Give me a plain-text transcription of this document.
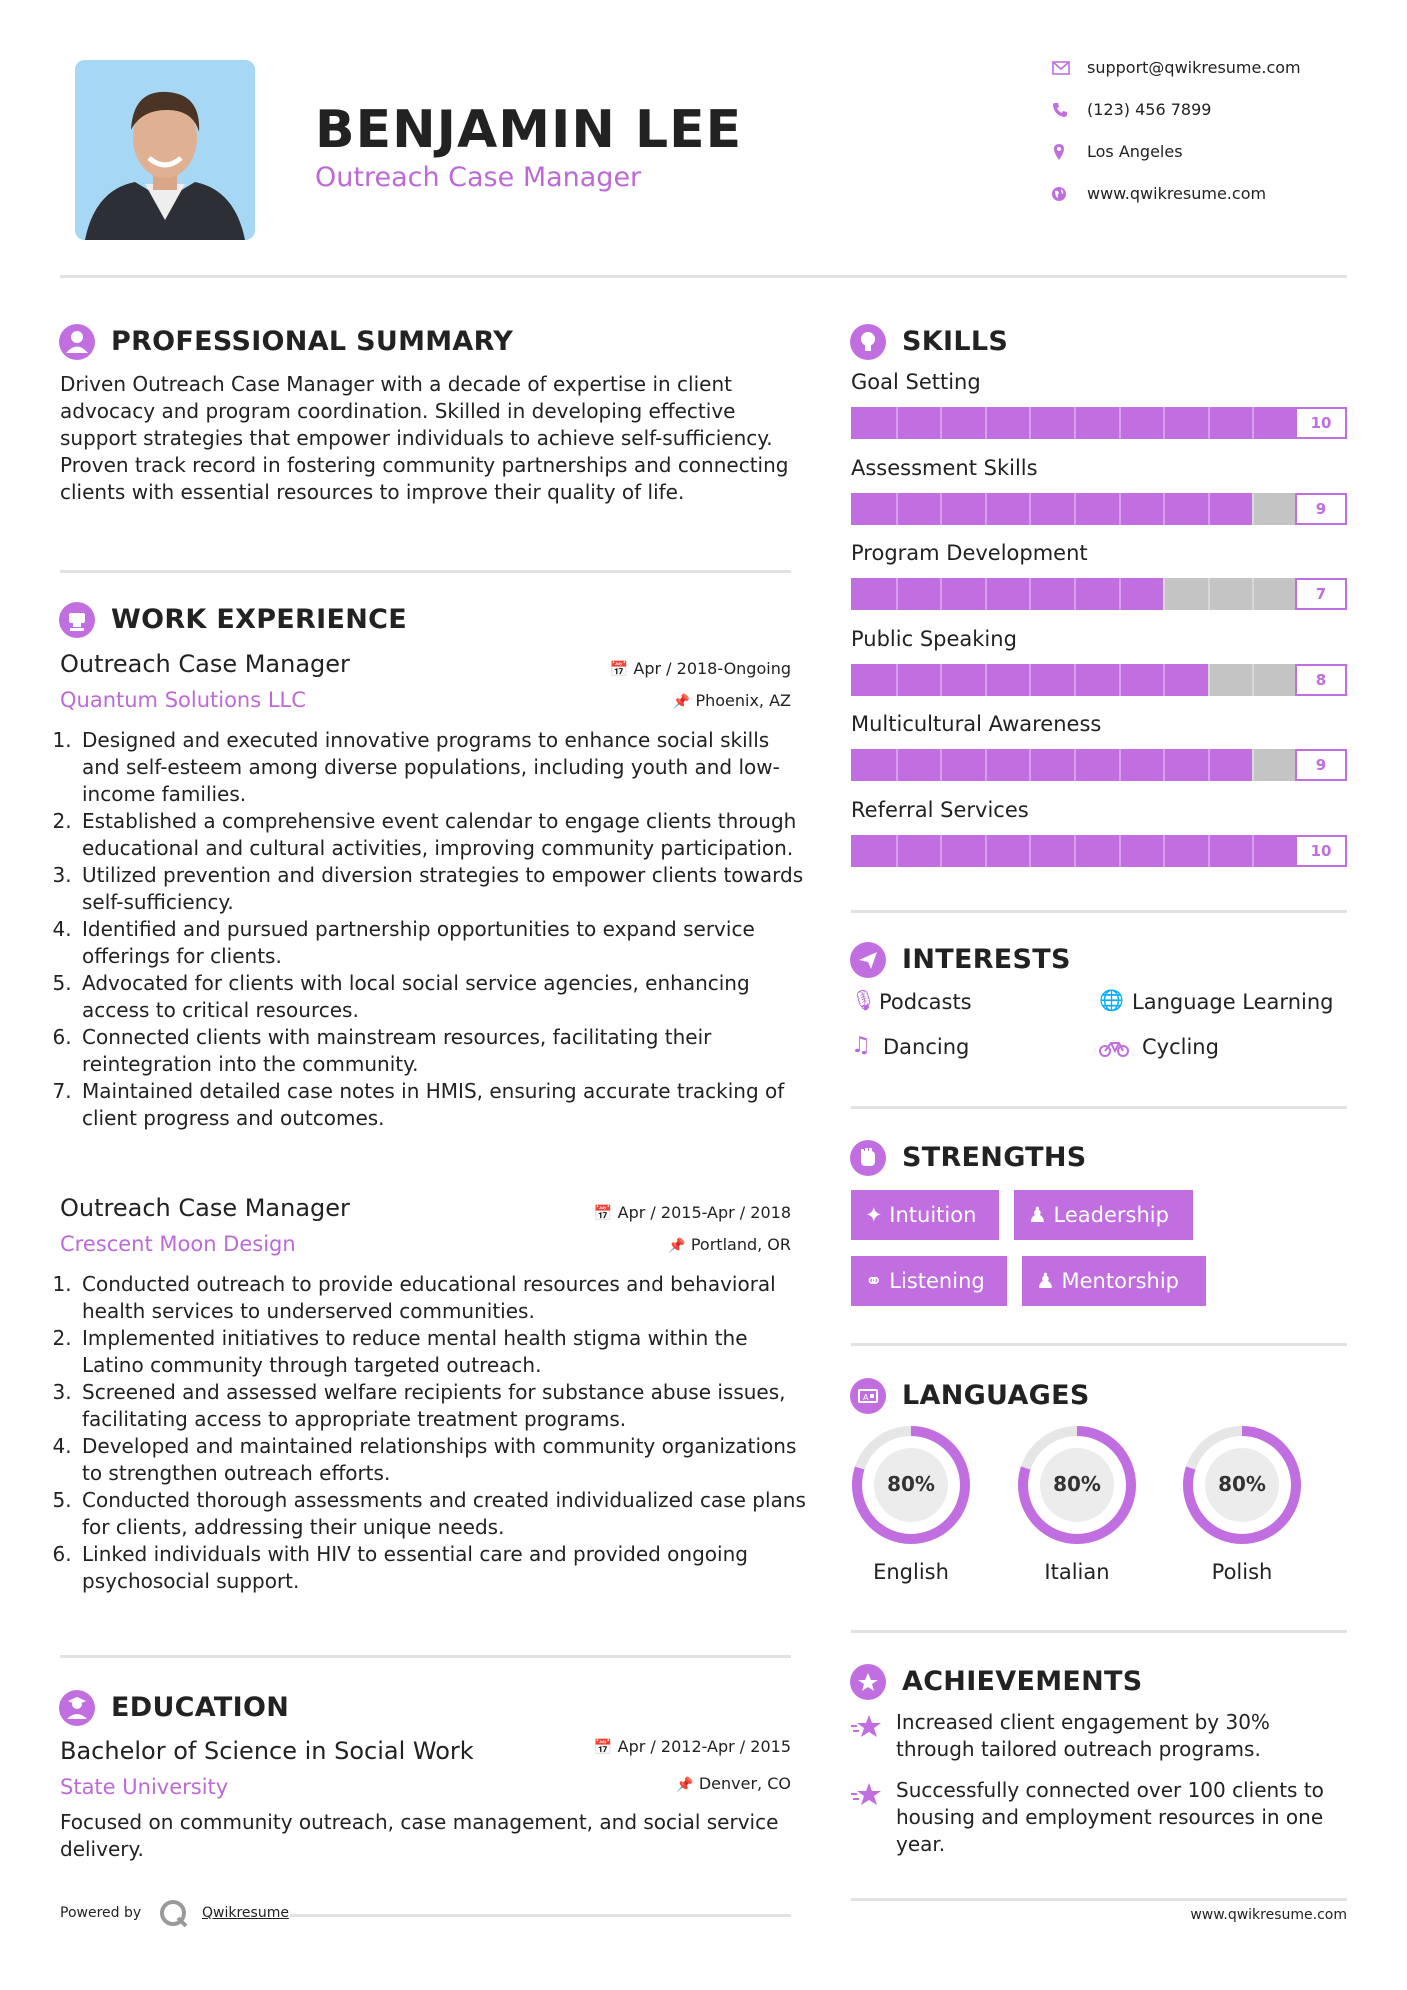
BENJAMIN LEE
Outreach Case Manager
support@qwikresume.com
(123) 456 7899
Los Angeles
www.qwikresume.com
PROFESSIONAL SUMMARY
Driven Outreach Case Manager with a decade of expertise in client advocacy and program coordination. Skilled in developing effective support strategies that empower individuals to achieve self-sufficiency. Proven track record in fostering community partnerships and connecting clients with essential resources to improve their quality of life.
WORK EXPERIENCE
Outreach Case Manager	📅 Apr / 2018-Ongoing
Quantum Solutions LLC	📌 Phoenix, AZ
1. Designed and executed innovative programs to enhance social skills and self-esteem among diverse populations, including youth and low-income families.
2. Established a comprehensive event calendar to engage clients through educational and cultural activities, improving community participation.
3. Utilized prevention and diversion strategies to empower clients towards self-sufficiency.
4. Identified and pursued partnership opportunities to expand service offerings for clients.
5. Advocated for clients with local social service agencies, enhancing access to critical resources.
6. Connected clients with mainstream resources, facilitating their reintegration into the community.
7. Maintained detailed case notes in HMIS, ensuring accurate tracking of client progress and outcomes.
Outreach Case Manager	📅 Apr / 2015-Apr / 2018
Crescent Moon Design	📌 Portland, OR
1. Conducted outreach to provide educational resources and behavioral health services to underserved communities.
2. Implemented initiatives to reduce mental health stigma within the Latino community through targeted outreach.
3. Screened and assessed welfare recipients for substance abuse issues, facilitating access to appropriate treatment programs.
4. Developed and maintained relationships with community organizations to strengthen outreach efforts.
5. Conducted thorough assessments and created individualized case plans for clients, addressing their unique needs.
6. Linked individuals with HIV to essential care and provided ongoing psychosocial support.
EDUCATION
Bachelor of Science in Social Work	📅 Apr / 2012-Apr / 2015
State University	📌 Denver, CO
Focused on community outreach, case management, and social service delivery.
Powered by	Qwikresume
SKILLS
Goal Setting
10
Assessment Skills
9
Program Development
7
Public Speaking
8
Multicultural Awareness
9
Referral Services
10
INTERESTS
🎙 Podcasts	🌐 Language Learning
♫ Dancing	Cycling
STRENGTHS
✦ Intuition	♟ Leadership
⚭ Listening	♟ Mentorship
A LANGUAGES
80%
English
80%
Italian
80%
Polish
ACHIEVEMENTS
Increased client engagement by 30% through tailored outreach programs.
Successfully connected over 100 clients to housing and employment resources in one year.
www.qwikresume.com
